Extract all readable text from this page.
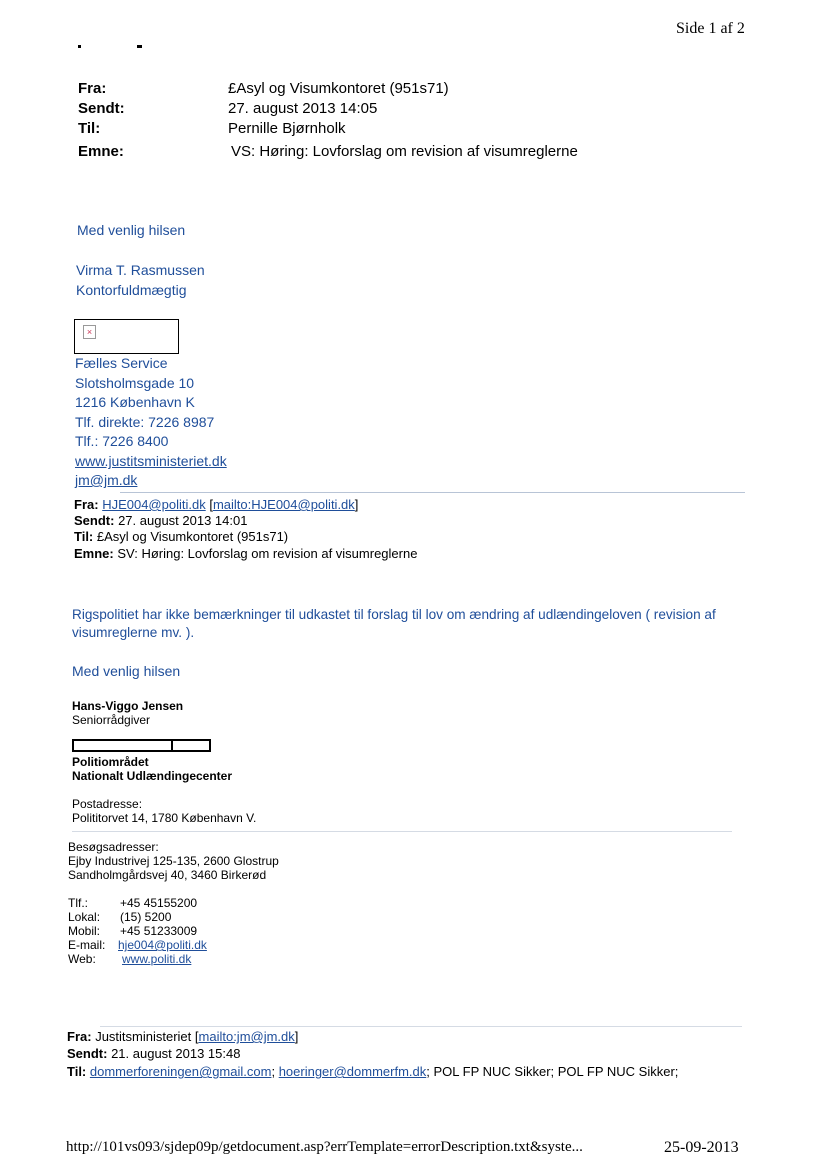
Side 1 af 2
Fra:	£Asyl og Visumkontoret (951s71)
Sendt:	27. august 2013 14:05
Til:	Pernille Bjørnholk
Emne:	VS: Høring: Lovforslag om revision af visumreglerne
Med venlig hilsen
Virma T. Rasmussen
Kontorfuldmægtig
×
Fælles Service
Slotsholmsgade 10
1216 København K
Tlf. direkte: 7226 8987
Tlf.: 7226 8400
www.justitsministeriet.dk
jm@jm.dk
Fra: HJE004@politi.dk [mailto:HJE004@politi.dk]
Sendt: 27. august 2013 14:01
Til: £Asyl og Visumkontoret (951s71)
Emne: SV: Høring: Lovforslag om revision af visumreglerne
Rigspolitiet har ikke bemærkninger til udkastet til forslag til lov om ændring af udlændingeloven ( revision af
visumreglerne mv. ).
Med venlig hilsen
Hans-Viggo Jensen
Seniorrådgiver
Politiområdet
Nationalt Udlændingecenter
Postadresse:
Polititorvet 14, 1780 København V.
Besøgsadresser:
Ejby Industrivej 125-135, 2600 Glostrup
Sandholmgårdsvej 40, 3460 Birkerød
Tlf.:	+45 45155200
Lokal: (15) 5200
Mobil: +45 51233009
E-mail: hje004@politi.dk
Web: www.politi.dk
Fra: Justitsministeriet [mailto:jm@jm.dk]
Sendt: 21. august 2013 15:48
Til: dommerforeningen@gmail.com; hoeringer@dommerfm.dk; POL FP NUC Sikker; POL FP NUC Sikker;
http://101vs093/sjdep09p/getdocument.asp?errTemplate=errorDescription.txt&syste...	25-09-2013
